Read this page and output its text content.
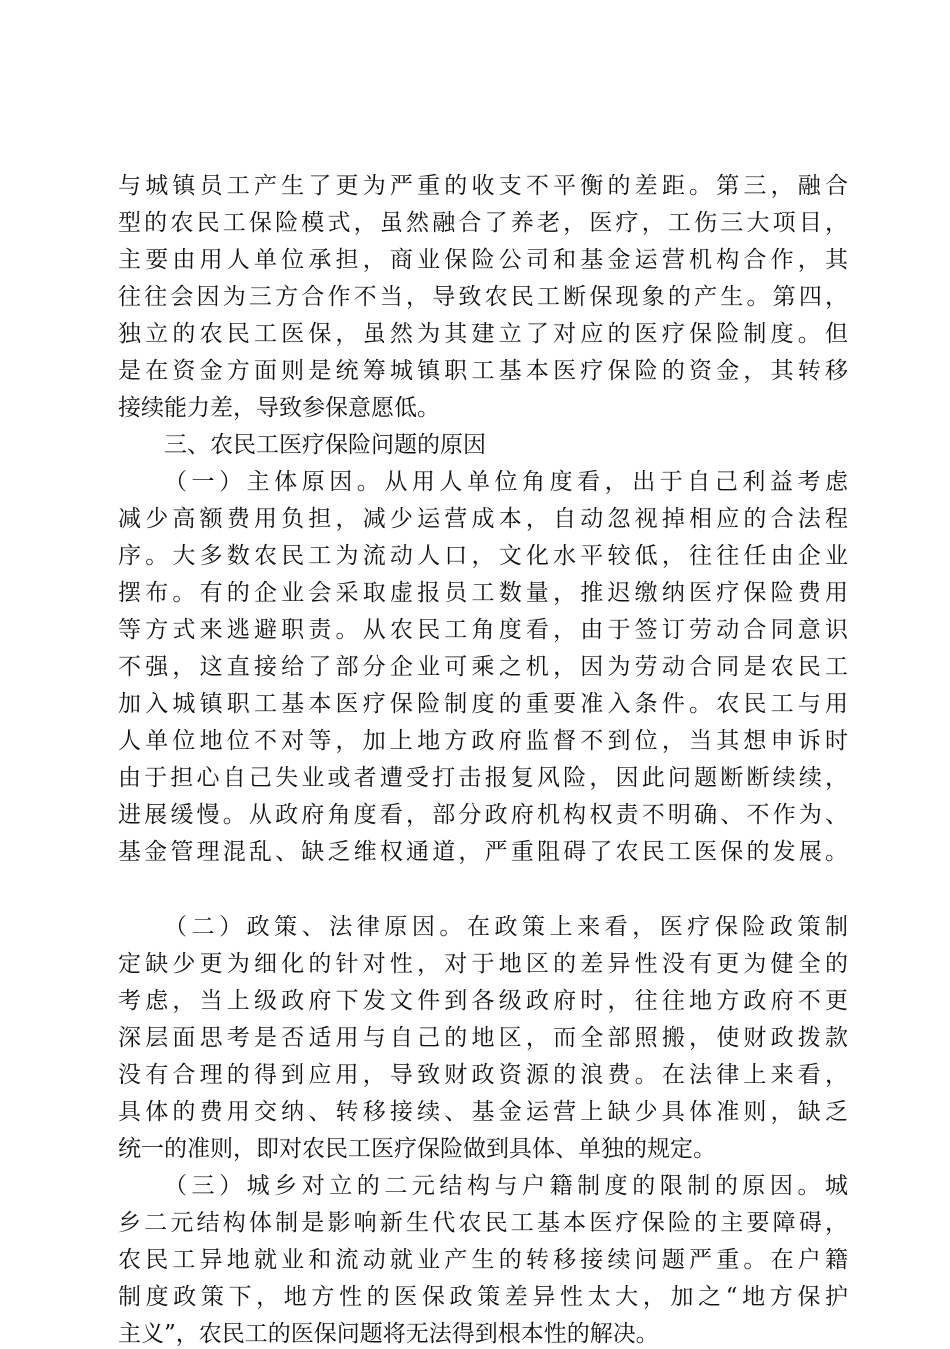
与城镇员工产生了更为严重的收支不平衡的差距。第三，融合
型的农民工保险模式，虽然融合了养老，医疗，工伤三大项目，
主要由用人单位承担，商业保险公司和基金运营机构合作，其
往往会因为三方合作不当，导致农民工断保现象的产生。第四，
独立的农民工医保，虽然为其建立了对应的医疗保险制度。但
是在资金方面则是统筹城镇职工基本医疗保险的资金，其转移
接续能力差，导致参保意愿低。
三、农民工医疗保险问题的原因
（一）主体原因。从用人单位角度看，出于自己利益考虑
减少高额费用负担，减少运营成本，自动忽视掉相应的合法程
序。大多数农民工为流动人口，文化水平较低，往往任由企业
摆布。有的企业会采取虚报员工数量，推迟缴纳医疗保险费用
等方式来逃避职责。从农民工角度看，由于签订劳动合同意识
不强，这直接给了部分企业可乘之机，因为劳动合同是农民工
加入城镇职工基本医疗保险制度的重要准入条件。农民工与用
人单位地位不对等，加上地方政府监督不到位，当其想申诉时
由于担心自己失业或者遭受打击报复风险，因此问题断断续续，
进展缓慢。从政府角度看，部分政府机构权责不明确、不作为、
基金管理混乱、缺乏维权通道，严重阻碍了农民工医保的发展。
（二）政策、法律原因。在政策上来看，医疗保险政策制
定缺少更为细化的针对性，对于地区的差异性没有更为健全的
考虑，当上级政府下发文件到各级政府时，往往地方政府不更
深层面思考是否适用与自己的地区，而全部照搬，使财政拨款
没有合理的得到应用，导致财政资源的浪费。在法律上来看，
具体的费用交纳、转移接续、基金运营上缺少具体准则，缺乏
统一的准则，即对农民工医疗保险做到具体、单独的规定。
（三）城乡对立的二元结构与户籍制度的限制的原因。城
乡二元结构体制是影响新生代农民工基本医疗保险的主要障碍，
农民工异地就业和流动就业产生的转移接续问题严重。在户籍
制度政策下，地方性的医保政策差异性太大，加之“地方保护
主义”，农民工的医保问题将无法得到根本性的解决。
